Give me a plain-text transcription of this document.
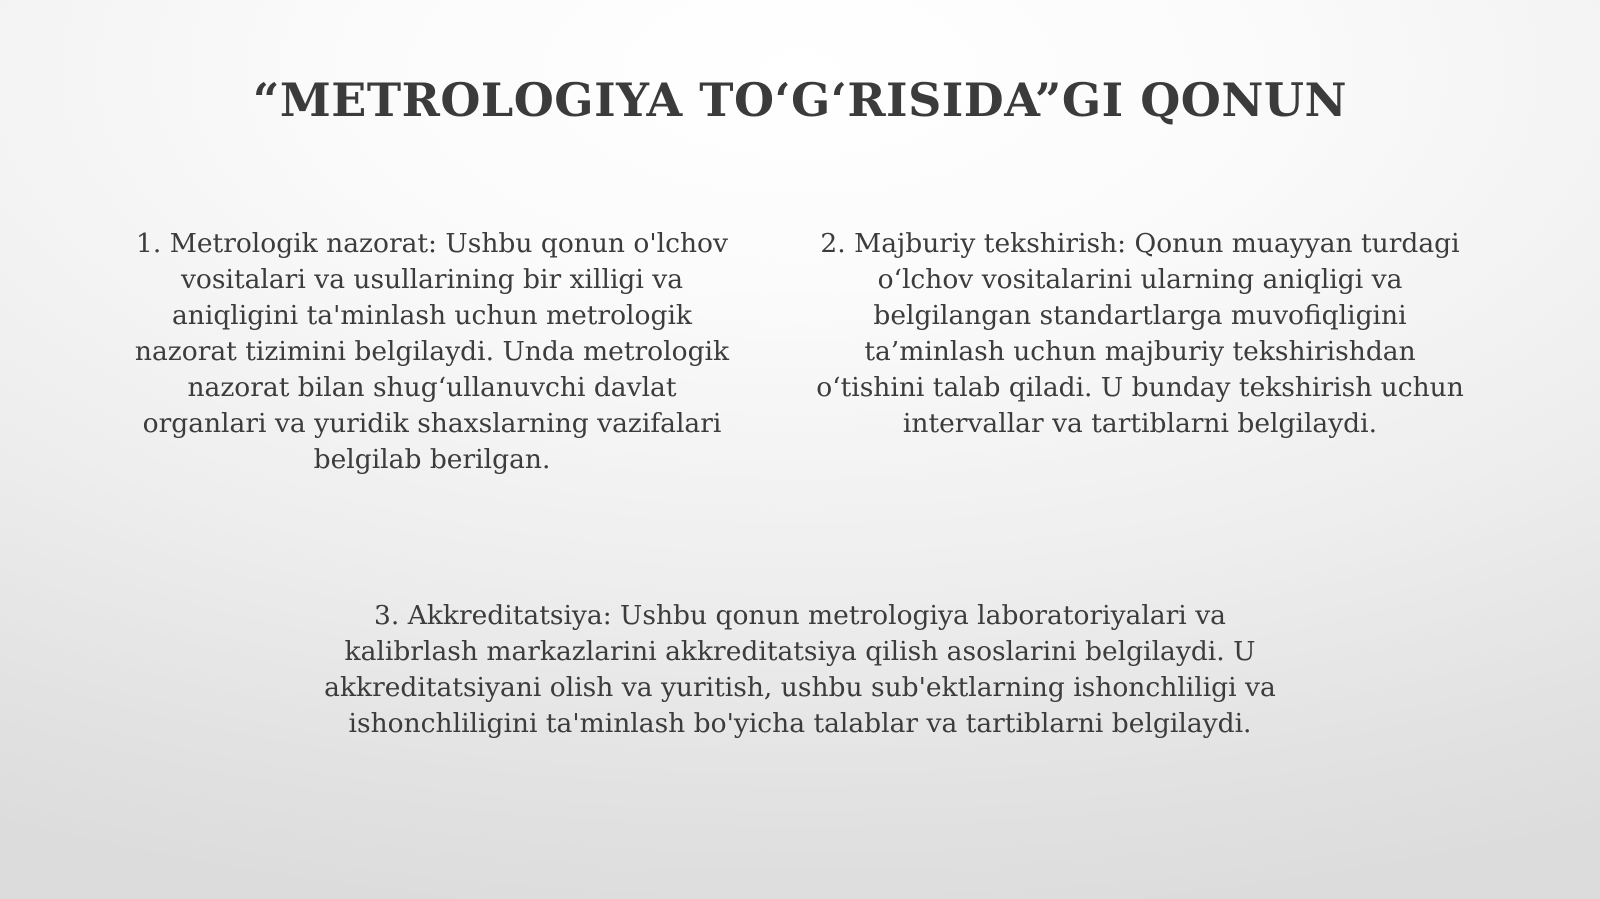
“METROLOGIYA TO‘G‘RISIDA”GI QONUN

1. Metrologik nazorat: Ushbu qonun o'lchov
vositalari va usullarining bir xilligi va
aniqligini ta'minlash uchun metrologik
nazorat tizimini belgilaydi. Unda metrologik
nazorat bilan shug‘ullanuvchi davlat
organlari va yuridik shaxslarning vazifalari
belgilab berilgan.

2. Majburiy tekshirish: Qonun muayyan turdagi
o‘lchov vositalarini ularning aniqligi va
belgilangan standartlarga muvofiqligini
ta’minlash uchun majburiy tekshirishdan
o‘tishini talab qiladi. U bunday tekshirish uchun
intervallar va tartiblarni belgilaydi.

3. Akkreditatsiya: Ushbu qonun metrologiya laboratoriyalari va
kalibrlash markazlarini akkreditatsiya qilish asoslarini belgilaydi. U
akkreditatsiyani olish va yuritish, ushbu sub'ektlarning ishonchliligi va
ishonchliligini ta'minlash bo'yicha talablar va tartiblarni belgilaydi.
